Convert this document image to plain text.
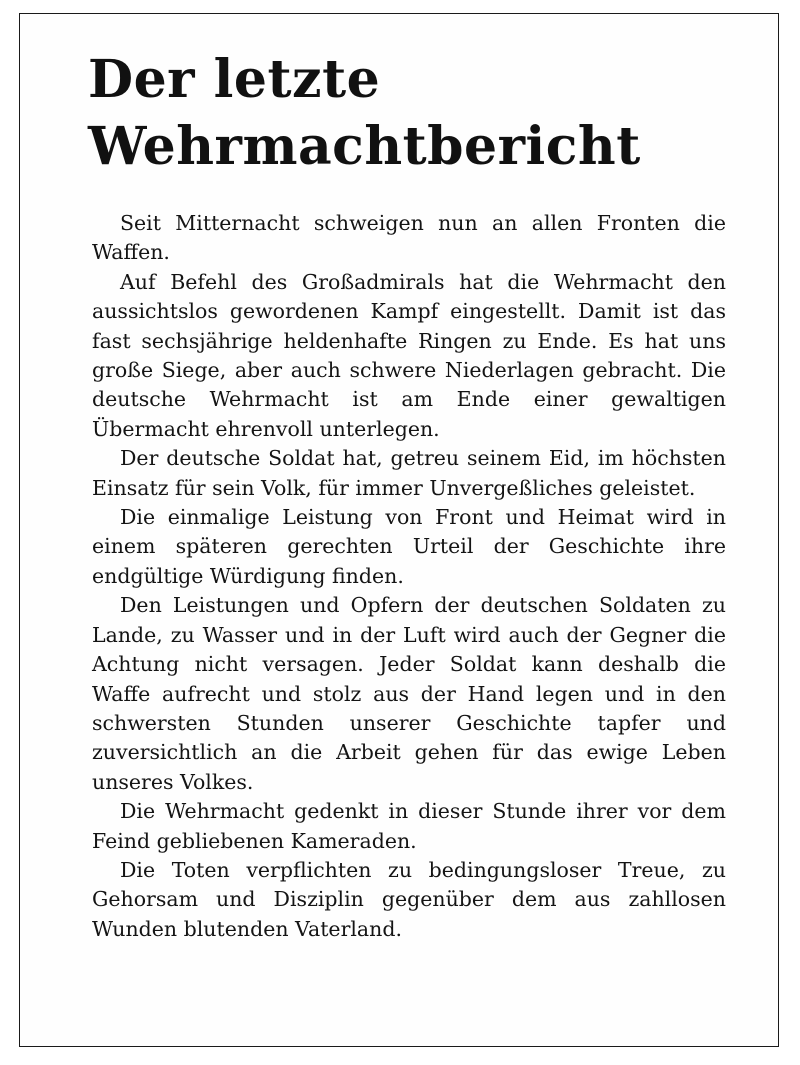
Der letzte
Wehrmachtbericht

Seit Mitternacht schweigen nun an allen Fronten die Waffen.

Auf Befehl des Großadmirals hat die Wehrmacht den aussichtslos gewordenen Kampf eingestellt. Damit ist das fast sechsjährige heldenhafte Ringen zu Ende. Es hat uns große Siege, aber auch schwere Niederlagen gebracht. Die deutsche Wehrmacht ist am Ende einer gewaltigen Übermacht ehrenvoll unterlegen.

Der deutsche Soldat hat, getreu seinem Eid, im höchsten Einsatz für sein Volk, für immer Unvergeßliches geleistet.

Die einmalige Leistung von Front und Heimat wird in einem späteren gerechten Urteil der Geschichte ihre endgültige Würdigung finden.

Den Leistungen und Opfern der deutschen Soldaten zu Lande, zu Wasser und in der Luft wird auch der Gegner die Achtung nicht versagen. Jeder Soldat kann deshalb die Waffe aufrecht und stolz aus der Hand legen und in den schwersten Stunden unserer Geschichte tapfer und zuversichtlich an die Arbeit gehen für das ewige Leben unseres Volkes.

Die Wehrmacht gedenkt in dieser Stunde ihrer vor dem Feind gebliebenen Kameraden.

Die Toten verpflichten zu bedingungsloser Treue, zu Gehorsam und Disziplin gegenüber dem aus zahllosen Wunden blutenden Vaterland.
